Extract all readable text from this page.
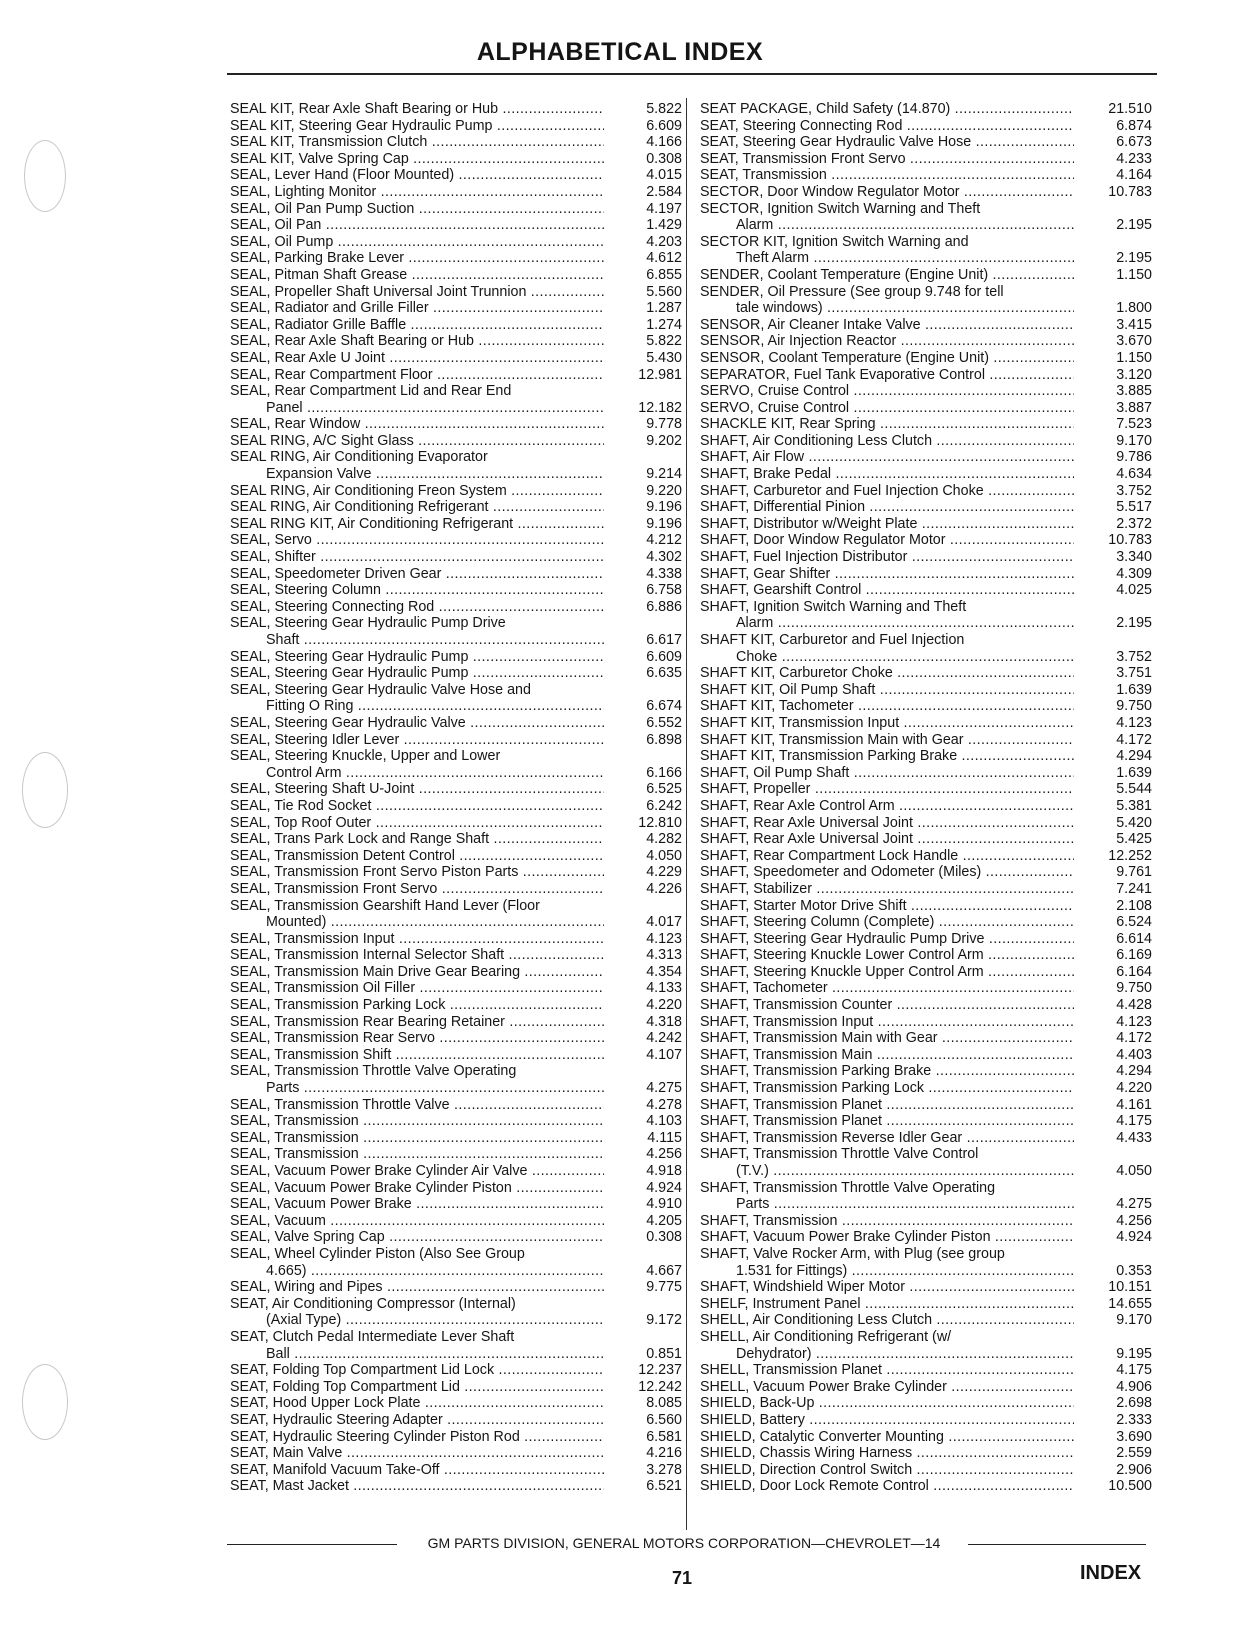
ALPHABETICAL INDEX
SEAL KIT, Rear Axle Shaft Bearing or Hub .....	5.822
SEAL KIT, Steering Gear Hydraulic Pump .....	6.609
SEAL KIT, Transmission Clutch .....	4.166
SEAL KIT, Valve Spring Cap .....	0.308
SEAL, Lever Hand (Floor Mounted) .....	4.015
SEAL, Lighting Monitor .....	2.584
SEAL, Oil Pan Pump Suction .....	4.197
SEAL, Oil Pan .....	1.429
SEAL, Oil Pump .....	4.203
SEAL, Parking Brake Lever .....	4.612
SEAL, Pitman Shaft Grease .....	6.855
SEAL, Propeller Shaft Universal Joint Trunnion .....	5.560
SEAL, Radiator and Grille Filler .....	1.287
SEAL, Radiator Grille Baffle .....	1.274
SEAL, Rear Axle Shaft Bearing or Hub .....	5.822
SEAL, Rear Axle U Joint .....	5.430
SEAL, Rear Compartment Floor .....	12.981
SEAL, Rear Compartment Lid and Rear End
Panel .....	12.182
SEAL, Rear Window .....	9.778
SEAL RING, A/C Sight Glass .....	9.202
SEAL RING, Air Conditioning Evaporator
Expansion Valve .....	9.214
SEAL RING, Air Conditioning Freon System .....	9.220
SEAL RING, Air Conditioning Refrigerant .....	9.196
SEAL RING KIT, Air Conditioning Refrigerant .....	9.196
SEAL, Servo .....	4.212
SEAL, Shifter .....	4.302
SEAL, Speedometer Driven Gear .....	4.338
SEAL, Steering Column .....	6.758
SEAL, Steering Connecting Rod .....	6.886
SEAL, Steering Gear Hydraulic Pump Drive
Shaft .....	6.617
SEAL, Steering Gear Hydraulic Pump .....	6.609
SEAL, Steering Gear Hydraulic Pump .....	6.635
SEAL, Steering Gear Hydraulic Valve Hose and
Fitting O Ring .....	6.674
SEAL, Steering Gear Hydraulic Valve .....	6.552
SEAL, Steering Idler Lever .....	6.898
SEAL, Steering Knuckle, Upper and Lower
Control Arm .....	6.166
SEAL, Steering Shaft U-Joint .....	6.525
SEAL, Tie Rod Socket .....	6.242
SEAL, Top Roof Outer .....	12.810
SEAL, Trans Park Lock and Range Shaft .....	4.282
SEAL, Transmission Detent Control .....	4.050
SEAL, Transmission Front Servo Piston Parts .....	4.229
SEAL, Transmission Front Servo .....	4.226
SEAL, Transmission Gearshift Hand Lever (Floor
Mounted) .....	4.017
SEAL, Transmission Input .....	4.123
SEAL, Transmission Internal Selector Shaft .....	4.313
SEAL, Transmission Main Drive Gear Bearing .....	4.354
SEAL, Transmission Oil Filler .....	4.133
SEAL, Transmission Parking Lock .....	4.220
SEAL, Transmission Rear Bearing Retainer .....	4.318
SEAL, Transmission Rear Servo .....	4.242
SEAL, Transmission Shift .....	4.107
SEAL, Transmission Throttle Valve Operating
Parts .....	4.275
SEAL, Transmission Throttle Valve .....	4.278
SEAL, Transmission .....	4.103
SEAL, Transmission .....	4.115
SEAL, Transmission .....	4.256
SEAL, Vacuum Power Brake Cylinder Air Valve .....	4.918
SEAL, Vacuum Power Brake Cylinder Piston .....	4.924
SEAL, Vacuum Power Brake .....	4.910
SEAL, Vacuum .....	4.205
SEAL, Valve Spring Cap .....	0.308
SEAL, Wheel Cylinder Piston (Also See Group
4.665) .....	4.667
SEAL, Wiring and Pipes .....	9.775
SEAT, Air Conditioning Compressor (Internal)
(Axial Type) .....	9.172
SEAT, Clutch Pedal Intermediate Lever Shaft
Ball .....	0.851
SEAT, Folding Top Compartment Lid Lock .....	12.237
SEAT, Folding Top Compartment Lid .....	12.242
SEAT, Hood Upper Lock Plate .....	8.085
SEAT, Hydraulic Steering Adapter .....	6.560
SEAT, Hydraulic Steering Cylinder Piston Rod .....	6.581
SEAT, Main Valve .....	4.216
SEAT, Manifold Vacuum Take-Off .....	3.278
SEAT, Mast Jacket .....	6.521
SEAT PACKAGE, Child Safety (14.870) .....	21.510
SEAT, Steering Connecting Rod .....	6.874
SEAT, Steering Gear Hydraulic Valve Hose .....	6.673
SEAT, Transmission Front Servo .....	4.233
SEAT, Transmission .....	4.164
SECTOR, Door Window Regulator Motor .....	10.783
SECTOR, Ignition Switch Warning and Theft
Alarm .....	2.195
SECTOR KIT, Ignition Switch Warning and
Theft Alarm .....	2.195
SENDER, Coolant Temperature (Engine Unit) .....	1.150
SENDER, Oil Pressure (See group 9.748 for tell
tale windows) .....	1.800
SENSOR, Air Cleaner Intake Valve .....	3.415
SENSOR, Air Injection Reactor .....	3.670
SENSOR, Coolant Temperature (Engine Unit) .....	1.150
SEPARATOR, Fuel Tank Evaporative Control .....	3.120
SERVO, Cruise Control .....	3.885
SERVO, Cruise Control .....	3.887
SHACKLE KIT, Rear Spring .....	7.523
SHAFT, Air Conditioning Less Clutch .....	9.170
SHAFT, Air Flow .....	9.786
SHAFT, Brake Pedal .....	4.634
SHAFT, Carburetor and Fuel Injection Choke .....	3.752
SHAFT, Differential Pinion .....	5.517
SHAFT, Distributor w/Weight Plate .....	2.372
SHAFT, Door Window Regulator Motor .....	10.783
SHAFT, Fuel Injection Distributor .....	3.340
SHAFT, Gear Shifter .....	4.309
SHAFT, Gearshift Control .....	4.025
SHAFT, Ignition Switch Warning and Theft
Alarm .....	2.195
SHAFT KIT, Carburetor and Fuel Injection
Choke .....	3.752
SHAFT KIT, Carburetor Choke .....	3.751
SHAFT KIT, Oil Pump Shaft .....	1.639
SHAFT KIT, Tachometer .....	9.750
SHAFT KIT, Transmission Input .....	4.123
SHAFT KIT, Transmission Main with Gear .....	4.172
SHAFT KIT, Transmission Parking Brake .....	4.294
SHAFT, Oil Pump Shaft .....	1.639
SHAFT, Propeller .....	5.544
SHAFT, Rear Axle Control Arm .....	5.381
SHAFT, Rear Axle Universal Joint .....	5.420
SHAFT, Rear Axle Universal Joint .....	5.425
SHAFT, Rear Compartment Lock Handle .....	12.252
SHAFT, Speedometer and Odometer (Miles) .....	9.761
SHAFT, Stabilizer .....	7.241
SHAFT, Starter Motor Drive Shift .....	2.108
SHAFT, Steering Column (Complete) .....	6.524
SHAFT, Steering Gear Hydraulic Pump Drive .....	6.614
SHAFT, Steering Knuckle Lower Control Arm .....	6.169
SHAFT, Steering Knuckle Upper Control Arm .....	6.164
SHAFT, Tachometer .....	9.750
SHAFT, Transmission Counter .....	4.428
SHAFT, Transmission Input .....	4.123
SHAFT, Transmission Main with Gear .....	4.172
SHAFT, Transmission Main .....	4.403
SHAFT, Transmission Parking Brake .....	4.294
SHAFT, Transmission Parking Lock .....	4.220
SHAFT, Transmission Planet .....	4.161
SHAFT, Transmission Planet .....	4.175
SHAFT, Transmission Reverse Idler Gear .....	4.433
SHAFT, Transmission Throttle Valve Control
(T.V.) .....	4.050
SHAFT, Transmission Throttle Valve Operating
Parts .....	4.275
SHAFT, Transmission .....	4.256
SHAFT, Vacuum Power Brake Cylinder Piston .....	4.924
SHAFT, Valve Rocker Arm, with Plug (see group
1.531 for Fittings) .....	0.353
SHAFT, Windshield Wiper Motor .....	10.151
SHELF, Instrument Panel .....	14.655
SHELL, Air Conditioning Less Clutch .....	9.170
SHELL, Air Conditioning Refrigerant (w/
Dehydrator) .....	9.195
SHELL, Transmission Planet .....	4.175
SHELL, Vacuum Power Brake Cylinder .....	4.906
SHIELD, Back-Up .....	2.698
SHIELD, Battery .....	2.333
SHIELD, Catalytic Converter Mounting .....	3.690
SHIELD, Chassis Wiring Harness .....	2.559
SHIELD, Direction Control Switch .....	2.906
SHIELD, Door Lock Remote Control .....	10.500
GM PARTS DIVISION, GENERAL MOTORS CORPORATION—CHEVROLET—14
71	INDEX
